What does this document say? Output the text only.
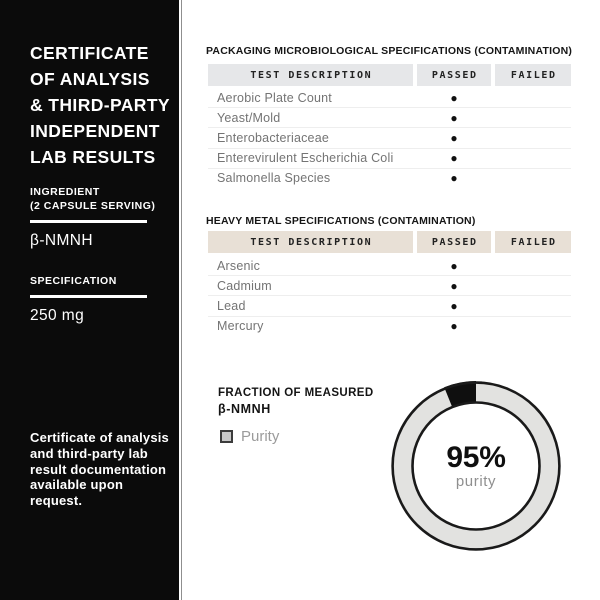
CERTIFICATE
OF ANALYSIS
& THIRD-PARTY
INDEPENDENT
LAB RESULTS
INGREDIENT
(2 CAPSULE SERVING)
β-NMNH
SPECIFICATION
250 mg
Certificate of analysis
and third-party lab
result documentation
available upon
request.
PACKAGING MICROBIOLOGICAL SPECIFICATIONS (CONTAMINATION)
TEST DESCRIPTION	PASSED	FAILED
Aerobic Plate Count	●
Yeast/Mold	●
Enterobacteriaceae	●
Enterevirulent Escherichia Coli	●
Salmonella Species	●
HEAVY METAL SPECIFICATIONS (CONTAMINATION)
TEST DESCRIPTION	PASSED	FAILED
Arsenic	●
Cadmium	●
Lead	●
Mercury	●
FRACTION OF MEASURED
β-NMNH
Purity
95%
purity
